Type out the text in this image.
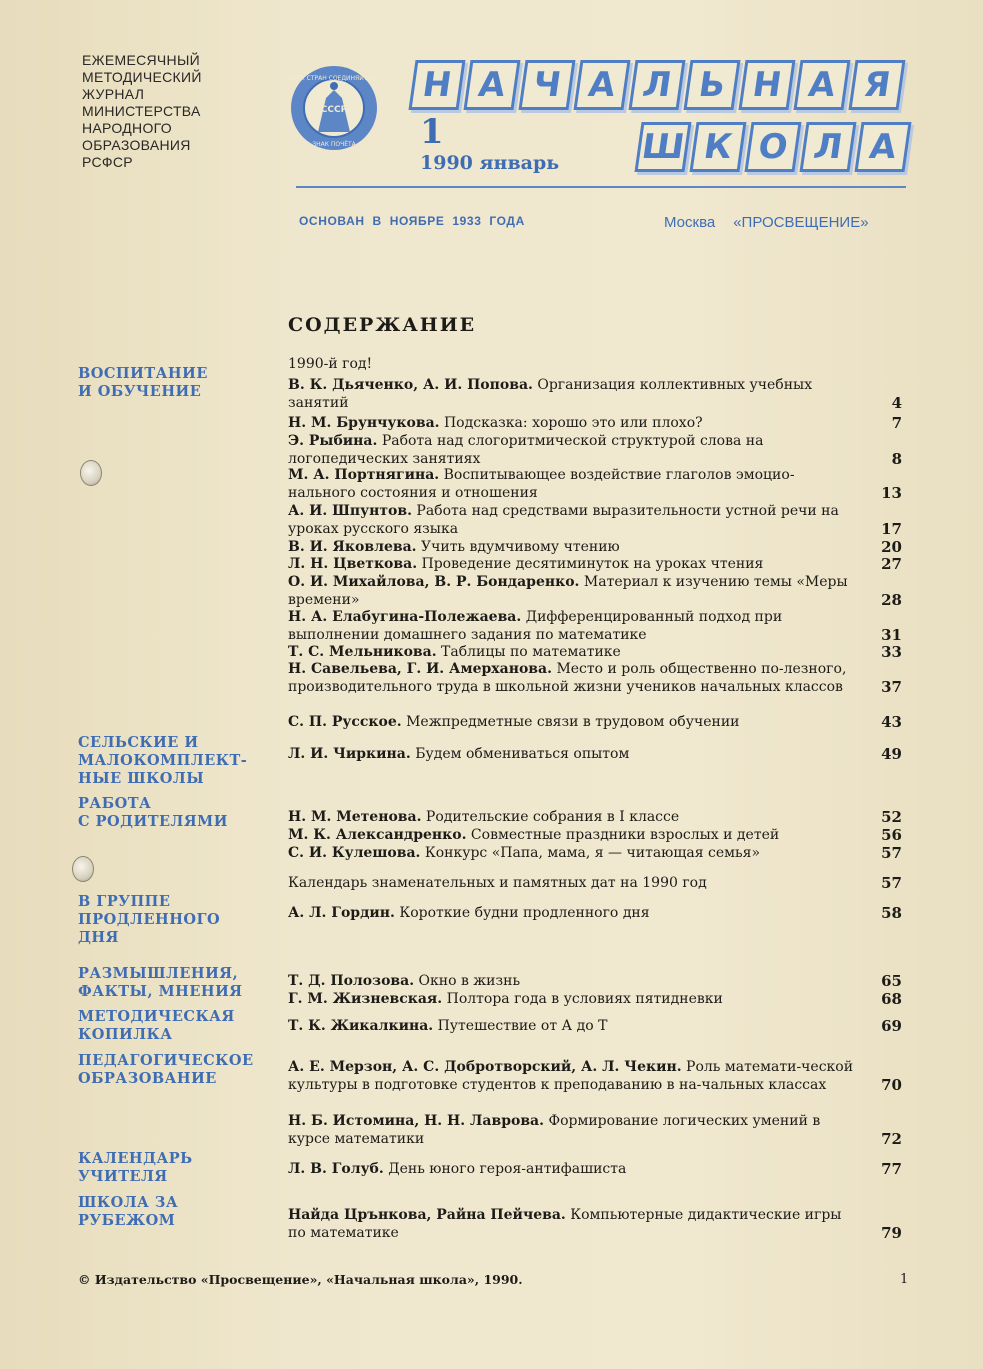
ЕЖЕМЕСЯЧНЫЙ
МЕТОДИЧЕСКИЙ
ЖУРНАЛ
МИНИСТЕРСТВА
НАРОДНОГО
ОБРАЗОВАНИЯ
РСФСР
ВСЕХ СТРАН СОЕДИНЯЙТЕСЬ
СССР
ЗНАК ПОЧЁТА
Н А Ч А Л Ь Н А Я
Ш К О Л А
1
1990 январь
ОСНОВАН В НОЯБРЕ 1933 ГОДА	Москва «ПРОСВЕЩЕНИЕ»
СОДЕРЖАНИЕ
ВОСПИТАНИЕ
И ОБУЧЕНИЕ
СЕЛЬСКИЕ И
МАЛОКОМПЛЕКТ-
НЫЕ ШКОЛЫ
РАБОТА
С РОДИТЕЛЯМИ
В ГРУППЕ
ПРОДЛЕННОГО
ДНЯ
РАЗМЫШЛЕНИЯ,
ФАКТЫ, МНЕНИЯ
МЕТОДИЧЕСКАЯ
КОПИЛКА
ПЕДАГОГИЧЕСКОЕ
ОБРАЗОВАНИЕ
КАЛЕНДАРЬ
УЧИТЕЛЯ
ШКОЛА ЗА
РУБЕЖОМ
1990-й год!
В. К. Дьяченко, А. И. Попова. Организация коллективных учебных занятий	4
Н. М. Брунчукова. Подсказка: хорошо это или плохо?	7
Э. Рыбина. Работа над слогоритмической структурой слова на логопедических занятиях	8
М. А. Портнягина. Воспитывающее воздействие глаголов эмоцио-нального состояния и отношения	13
А. И. Шпунтов. Работа над средствами выразительности устной речи на уроках русского языка	17
В. И. Яковлева. Учить вдумчивому чтению	20
Л. Н. Цветкова. Проведение десятиминуток на уроках чтения	27
О. И. Михайлова, В. Р. Бондаренко. Материал к изучению темы «Меры времени»	28
Н. А. Елабугина-Полежаева. Дифференцированный подход при выполнении домашнего задания по математике	31
Т. С. Мельникова. Таблицы по математике	33
Н. Савельева, Г. И. Амерханова. Место и роль общественно по-лезного, производительного труда в школьной жизни учеников начальных классов	37
С. П. Русское. Межпредметные связи в трудовом обучении	43
Л. И. Чиркина. Будем обмениваться опытом	49
Н. М. Метенова. Родительские собрания в I классе	52
М. К. Александренко. Совместные праздники взрослых и детей	56
С. И. Кулешова. Конкурс «Папа, мама, я — читающая семья»	57
Календарь знаменательных и памятных дат на 1990 год	57
А. Л. Гордин. Короткие будни продленного дня	58
Т. Д. Полозова. Окно в жизнь	65
Г. М. Жизневская. Полтора года в условиях пятидневки	68
Т. К. Жикалкина. Путешествие от А до Т	69
А. Е. Мерзон, А. С. Добротворский, А. Л. Чекин. Роль математи-ческой культуры в подготовке студентов к преподаванию в на-чальных классах	70
Н. Б. Истомина, Н. Н. Лаврова. Формирование логических умений в курсе математики	72
Л. В. Голуб. День юного героя-антифашиста	77
Найда Црънкова, Райна Пейчева. Компьютерные дидактические игры по математике	79
© Издательство «Просвещение», «Начальная школа», 1990.	1
